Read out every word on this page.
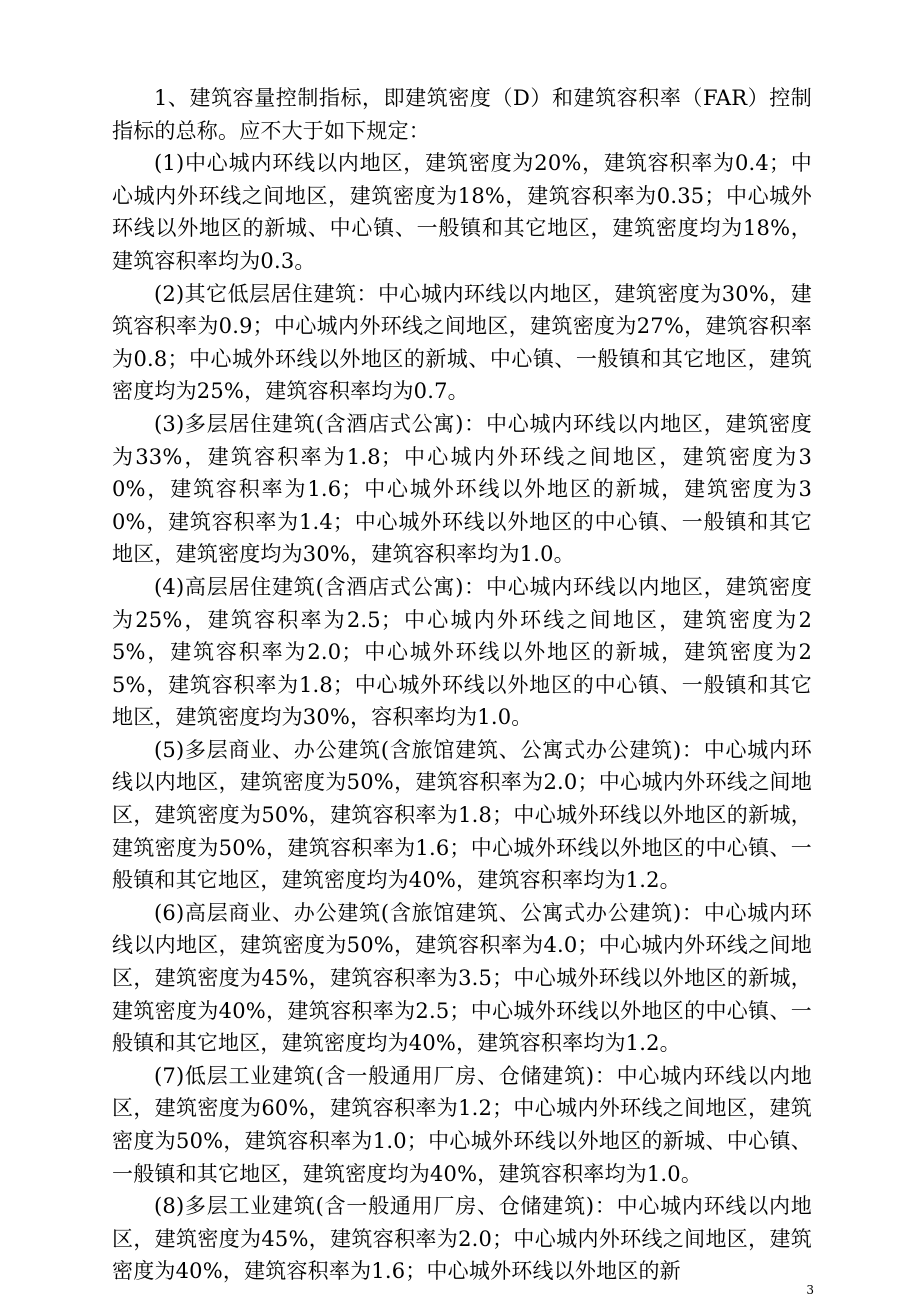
1、建筑容量控制指标，即建筑密度（D）和建筑容积率（FAR）控制指标的总称。应不大于如下规定：

(1)中心城内环线以内地区，建筑密度为20%，建筑容积率为0.4；中心城内外环线之间地区，建筑密度为18%，建筑容积率为0.35；中心城外环线以外地区的新城、中心镇、一般镇和其它地区，建筑密度均为18%，建筑容积率均为0.3。

(2)其它低层居住建筑：中心城内环线以内地区，建筑密度为30%，建筑容积率为0.9；中心城内外环线之间地区，建筑密度为27%，建筑容积率为0.8；中心城外环线以外地区的新城、中心镇、一般镇和其它地区，建筑密度均为25%，建筑容积率均为0.7。

(3)多层居住建筑(含酒店式公寓)：中心城内环线以内地区，建筑密度为33%，建筑容积率为1.8；中心城内外环线之间地区，建筑密度为30%，建筑容积率为1.6；中心城外环线以外地区的新城，建筑密度为30%，建筑容积率为1.4；中心城外环线以外地区的中心镇、一般镇和其它地区，建筑密度均为30%，建筑容积率均为1.0。

(4)高层居住建筑(含酒店式公寓)：中心城内环线以内地区，建筑密度为25%，建筑容积率为2.5；中心城内外环线之间地区，建筑密度为25%，建筑容积率为2.0；中心城外环线以外地区的新城，建筑密度为25%，建筑容积率为1.8；中心城外环线以外地区的中心镇、一般镇和其它地区，建筑密度均为30%，容积率均为1.0。

(5)多层商业、办公建筑(含旅馆建筑、公寓式办公建筑)：中心城内环线以内地区，建筑密度为50%，建筑容积率为2.0；中心城内外环线之间地区，建筑密度为50%，建筑容积率为1.8；中心城外环线以外地区的新城，建筑密度为50%，建筑容积率为1.6；中心城外环线以外地区的中心镇、一般镇和其它地区，建筑密度均为40%，建筑容积率均为1.2。

(6)高层商业、办公建筑(含旅馆建筑、公寓式办公建筑)：中心城内环线以内地区，建筑密度为50%，建筑容积率为4.0；中心城内外环线之间地区，建筑密度为45%，建筑容积率为3.5；中心城外环线以外地区的新城，建筑密度为40%，建筑容积率为2.5；中心城外环线以外地区的中心镇、一般镇和其它地区，建筑密度均为40%，建筑容积率均为1.2。

(7)低层工业建筑(含一般通用厂房、仓储建筑)：中心城内环线以内地区，建筑密度为60%，建筑容积率为1.2；中心城内外环线之间地区，建筑密度为50%，建筑容积率为1.0；中心城外环线以外地区的新城、中心镇、一般镇和其它地区，建筑密度均为40%，建筑容积率均为1.0。

(8)多层工业建筑(含一般通用厂房、仓储建筑)：中心城内环线以内地区，建筑密度为45%，建筑容积率为2.0；中心城内外环线之间地区，建筑密度为40%，建筑容积率为1.6；中心城外环线以外地区的新

3
